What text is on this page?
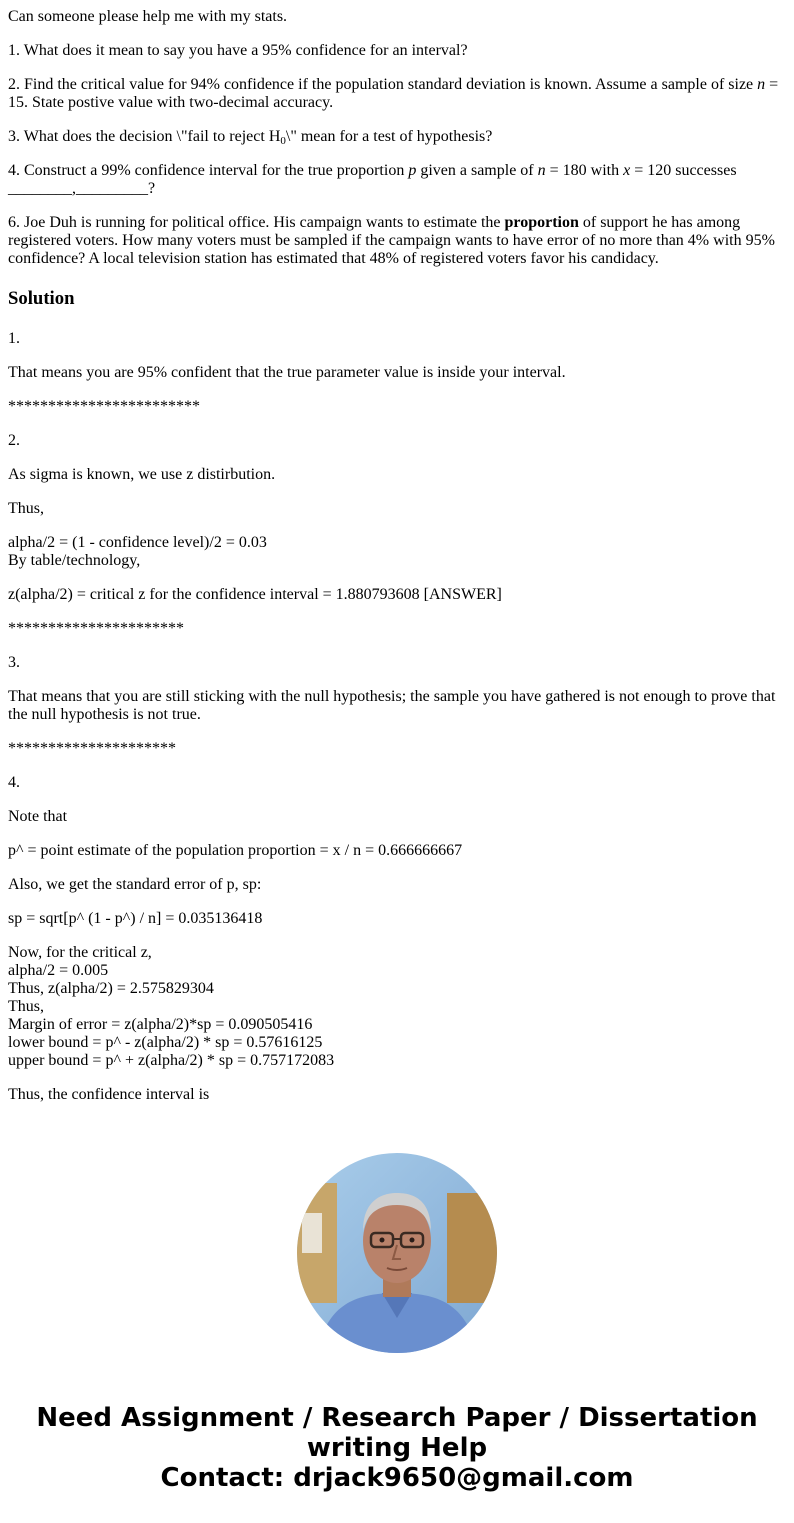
Can someone please help me with my stats.

1. What does it mean to say you have a 95% confidence for an interval?

2. Find the critical value for 94% confidence if the population standard deviation is known. Assume a sample of size n = 15. State postive value with two-decimal accuracy.

3. What does the decision \"fail to reject $H_0\backslash$" mean for a test of hypothesis?

4. Construct a 99% confidence interval for the true proportion p given a sample of n = 180 with x = 120 successes
________,_________?

6. Joe Duh is running for political office. His campaign wants to estimate the proportion of support he has among registered voters. How many voters must be sampled if the campaign wants to have error of no more than 4% with 95% confidence? A local television station has estimated that 48% of registered voters favor his candidacy.

Solution

1.

That means you are 95% confident that the true parameter value is inside your interval.

************************

2.

As sigma is known, we use z distirbution.

Thus,

alpha/2 = (1 - confidence level)/2 = 0.03
By table/technology,

z(alpha/2) = critical z for the confidence interval = 1.880793608 [ANSWER]

**********************

3.

That means that you are still sticking with the null hypothesis; the sample you have gathered is not enough to prove that the null hypothesis is not true.

*********************

4.

Note that

p^ = point estimate of the population proportion = x / n = 0.666666667

Also, we get the standard error of p, sp:

sp = sqrt[p^ (1 - p^) / n] = 0.035136418

Now, for the critical z,
alpha/2 = 0.005
Thus, z(alpha/2) = 2.575829304
Thus,
Margin of error = z(alpha/2)*sp = 0.090505416
lower bound = p^ - z(alpha/2) * sp = 0.57616125
upper bound = p^ + z(alpha/2) * sp = 0.757172083

Thus, the confidence interval is

Need Assignment / Research Paper / Dissertation
writing Help
Contact: drjack9650@gmail.com
